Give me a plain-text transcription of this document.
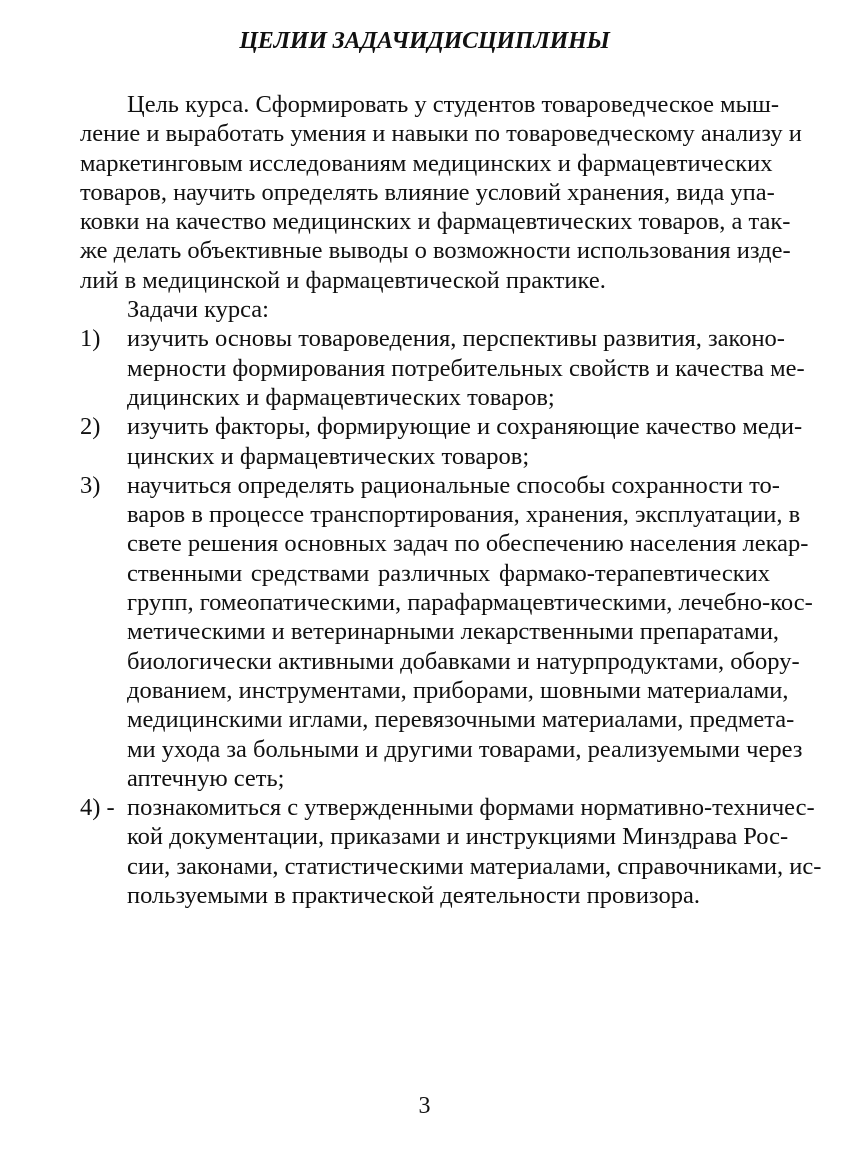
ЦЕЛИИ ЗАДАЧИДИСЦИПЛИНЫ
Цель курса. Сформировать у студентов товароведческое мыш-
ление и выработать умения и навыки по товароведческому анализу и
маркетинговым исследованиям медицинских и фармацевтических
товаров, научить определять влияние условий хранения, вида упа-
ковки на качество медицинских и фармацевтических товаров, а так-
же делать объективные выводы о возможности использования изде-
лий в медицинской и фармацевтической практике.
Задачи курса:
1) изучить основы товароведения, перспективы развития, законо-
мерности формирования потребительных свойств и качества ме-
дицинских и фармацевтических товаров;
2) изучить факторы, формирующие и сохраняющие качество меди-
цинских и фармацевтических товаров;
3) научиться определять рациональные способы сохранности то-
варов в процессе транспортирования, хранения, эксплуатации, в
свете решения основных задач по обеспечению населения лекар-
ственными средствами различных фармако-терапевтических
групп, гомеопатическими, парафармацевтическими, лечебно-кос-
метическими и ветеринарными лекарственными препаратами,
биологически активными добавками и натурпродуктами, обору-
дованием, инструментами, приборами, шовными материалами,
медицинскими иглами, перевязочными материалами, предмета-
ми ухода за больными и другими товарами, реализуемыми через
аптечную сеть;
4) - познакомиться с утвержденными формами нормативно-техничес-
кой документации, приказами и инструкциями Минздрава Рос-
сии, законами, статистическими материалами, справочниками, ис-
пользуемыми в практической деятельности провизора.
3
